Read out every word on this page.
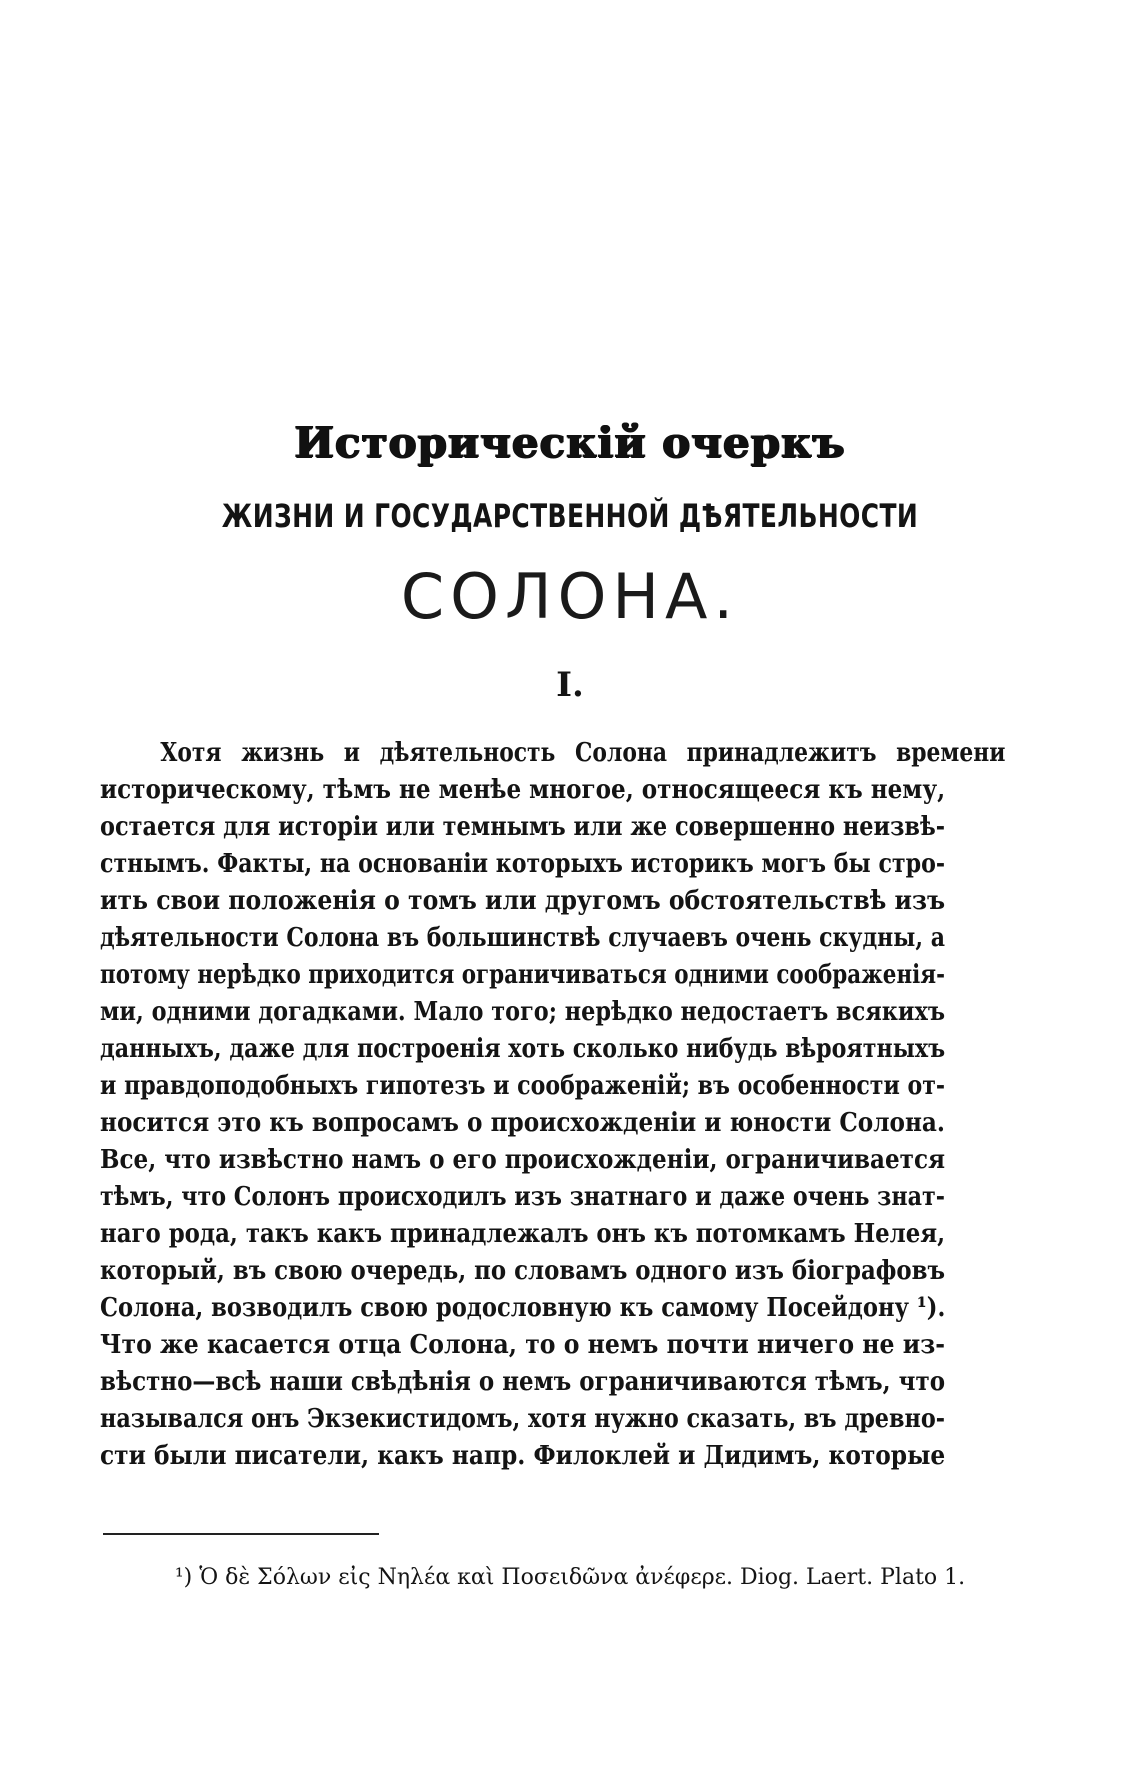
Историческій очеркъ
ЖИЗНИ И ГОСУДАРСТВЕННОЙ ДѢЯТЕЛЬНОСТИ
СОЛОНА.
I.
Хотя жизнь и дѣятельность Солона принадлежитъ времени
историческому, тѣмъ не менѣе многое, относящееся къ нему,
остается для исторіи или темнымъ или же совершенно неизвѣ-
стнымъ. Факты, на основаніи которыхъ историкъ могъ бы стро-
ить свои положенія о томъ или другомъ обстоятельствѣ изъ
дѣятельности Солона въ большинствѣ случаевъ очень скудны, а
потому нерѣдко приходится ограничиваться одними соображенія-
ми, одними догадками. Мало того; нерѣдко недостаетъ всякихъ
данныхъ, даже для построенія хоть сколько нибудь вѣроятныхъ
и правдоподобныхъ гипотезъ и соображеній; въ особенности от-
носится это къ вопросамъ о происхожденіи и юности Солона.
Все, что извѣстно намъ о его происхожденіи, ограничивается
тѣмъ, что Солонъ происходилъ изъ знатнаго и даже очень знат-
наго рода, такъ какъ принадлежалъ онъ къ потомкамъ Нелея,
который, въ свою очередь, по словамъ одного изъ біографовъ
Солона, возводилъ свою родословную къ самому Посейдону ¹).
Что же касается отца Солона, то о немъ почти ничего не из-
вѣстно—всѣ наши свѣдѣнія о немъ ограничиваются тѣмъ, что
назывался онъ Экзекистидомъ, хотя нужно сказать, въ древно-
сти были писатели, какъ напр. Филоклей и Дидимъ, которые
¹) Ὁ δὲ Σόλων εἰς Νηλέα καὶ Ποσειδῶνα ἀνέφερε. Diog. Laert. Plato 1.
